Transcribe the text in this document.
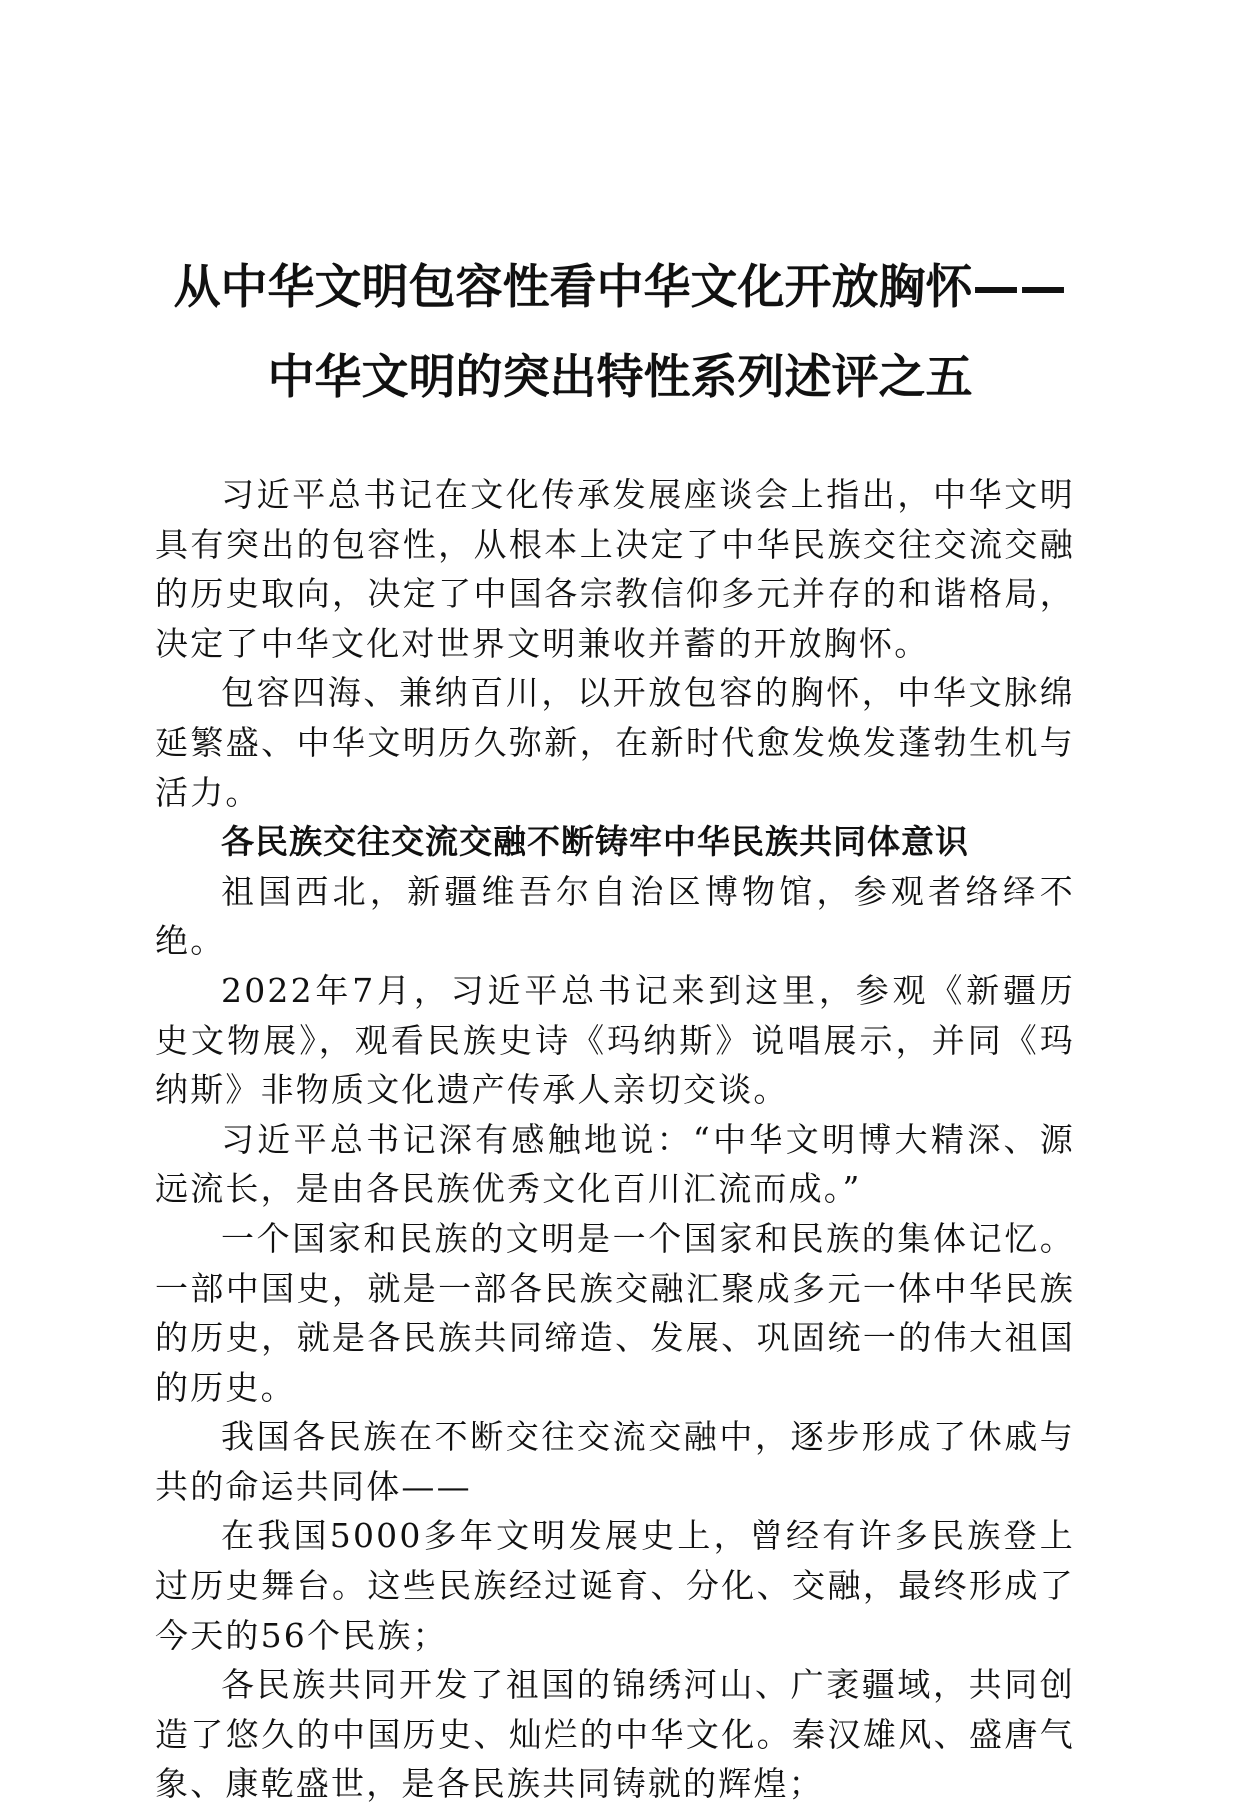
从中华文明包容性看中华文化开放胸怀——
中华文明的突出特性系列述评之五

习近平总书记在文化传承发展座谈会上指出，中华文明具有突出的包容性，从根本上决定了中华民族交往交流交融的历史取向，决定了中国各宗教信仰多元并存的和谐格局，决定了中华文化对世界文明兼收并蓄的开放胸怀。

包容四海、兼纳百川，以开放包容的胸怀，中华文脉绵延繁盛、中华文明历久弥新，在新时代愈发焕发蓬勃生机与活力。

各民族交往交流交融不断铸牢中华民族共同体意识

祖国西北，新疆维吾尔自治区博物馆，参观者络绎不绝。

2022年7月，习近平总书记来到这里，参观《新疆历史文物展》，观看民族史诗《玛纳斯》说唱展示，并同《玛纳斯》非物质文化遗产传承人亲切交谈。

习近平总书记深有感触地说：“中华文明博大精深、源远流长，是由各民族优秀文化百川汇流而成。”

一个国家和民族的文明是一个国家和民族的集体记忆。一部中国史，就是一部各民族交融汇聚成多元一体中华民族的历史，就是各民族共同缔造、发展、巩固统一的伟大祖国的历史。

我国各民族在不断交往交流交融中，逐步形成了休戚与共的命运共同体——

在我国5000多年文明发展史上，曾经有许多民族登上过历史舞台。这些民族经过诞育、分化、交融，最终形成了今天的56个民族；

各民族共同开发了祖国的锦绣河山、广袤疆域，共同创造了悠久的中国历史、灿烂的中华文化。秦汉雄风、盛唐气象、康乾盛世，是各民族共同铸就的辉煌；
